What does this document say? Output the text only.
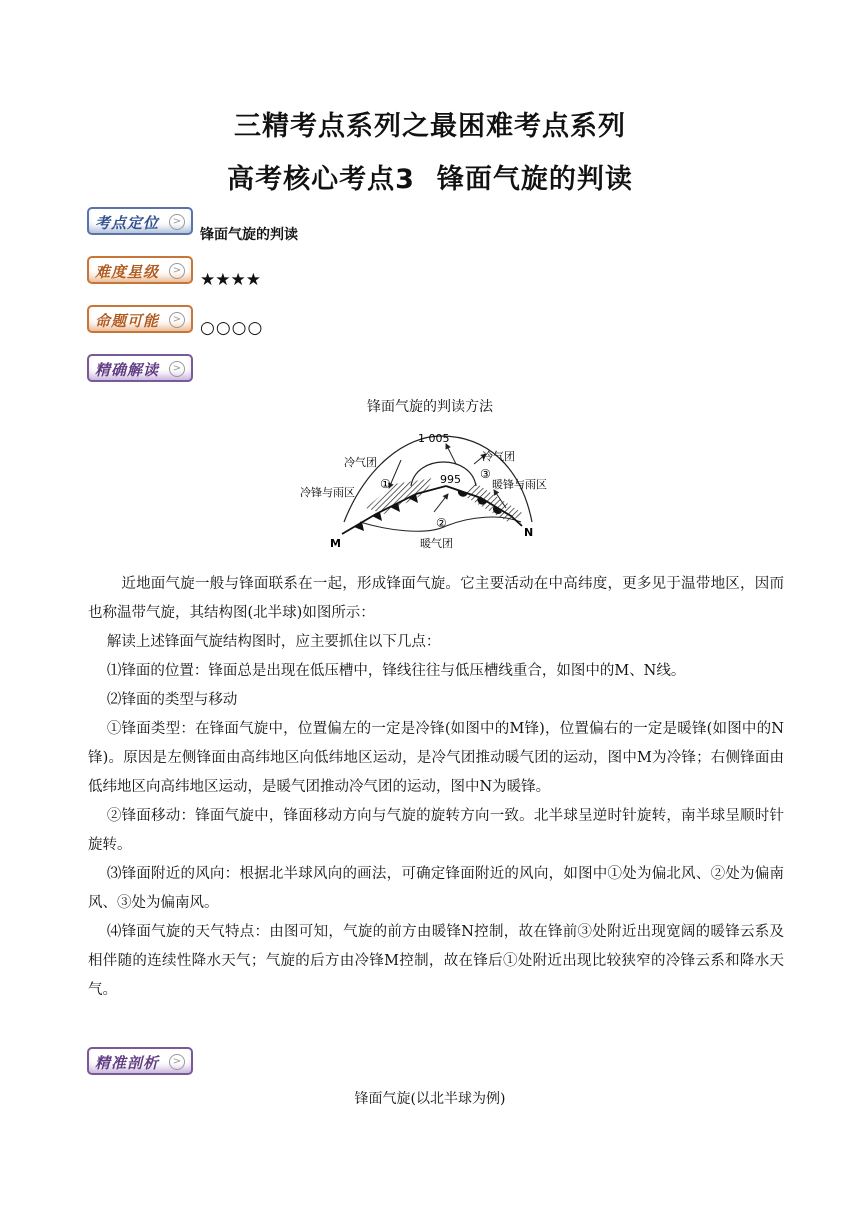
三精考点系列之最困难考点系列
高考核心考点3 锋面气旋的判读
考点定位	>
锋面气旋的判读
难度星级	> ★★★★
命题可能	> ○○○○
精确解读	>
锋面气旋的判读方法
1 005
995
冷气团	冷气团
冷锋与雨区
暖锋与雨区
暖气团
M
N
①
②
③

近地面气旋一般与锋面联系在一起，形成锋面气旋。它主要活动在中高纬度，更多见于温带地区，因而也称温带气旋，其结构图(北半球)如图所示：

解读上述锋面气旋结构图时，应主要抓住以下几点：

⑴锋面的位置：锋面总是出现在低压槽中，锋线往往与低压槽线重合，如图中的M、N线。

⑵锋面的类型与移动

①锋面类型：在锋面气旋中，位置偏左的一定是冷锋(如图中的M锋)，位置偏右的一定是暖锋(如图中的N锋)。原因是左侧锋面由高纬地区向低纬地区运动，是冷气团推动暖气团的运动，图中M为冷锋；右侧锋面由低纬地区向高纬地区运动，是暖气团推动冷气团的运动，图中N为暖锋。

②锋面移动：锋面气旋中，锋面移动方向与气旋的旋转方向一致。北半球呈逆时针旋转，南半球呈顺时针旋转。

⑶锋面附近的风向：根据北半球风向的画法，可确定锋面附近的风向，如图中①处为偏北风、②处为偏南风、③处为偏南风。

⑷锋面气旋的天气特点：由图可知，气旋的前方由暖锋N控制，故在锋前③处附近出现宽阔的暖锋云系及相伴随的连续性降水天气；气旋的后方由冷锋M控制，故在锋后①处附近出现比较狭窄的冷锋云系和降水天气。

精准剖析	>
锋面气旋(以北半球为例)
